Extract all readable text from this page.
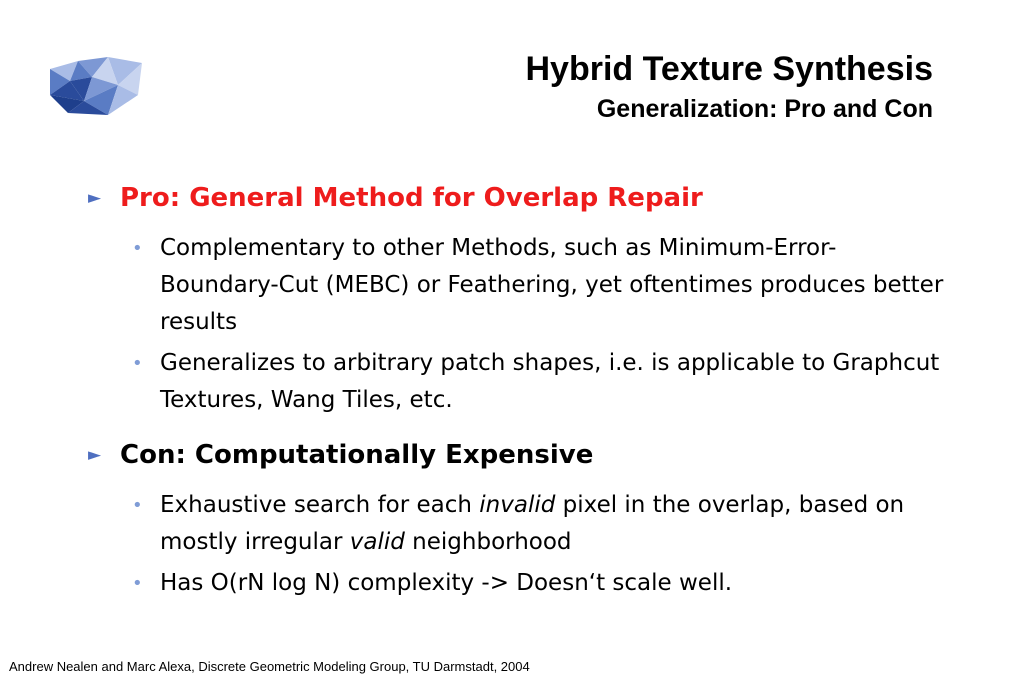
Hybrid Texture Synthesis
Generalization: Pro and Con
► Pro: General Method for Overlap Repair
• Complementary to other Methods, such as Minimum-Error-Boundary-Cut (MEBC) or Feathering, yet oftentimes produces better results
• Generalizes to arbitrary patch shapes, i.e. is applicable to Graphcut Textures, Wang Tiles, etc.
► Con: Computationally Expensive
• Exhaustive search for each invalid pixel in the overlap, based on mostly irregular valid neighborhood
• Has O(rN log N) complexity -> Doesn‘t scale well.
Andrew Nealen and Marc Alexa, Discrete Geometric Modeling Group, TU Darmstadt, 2004
